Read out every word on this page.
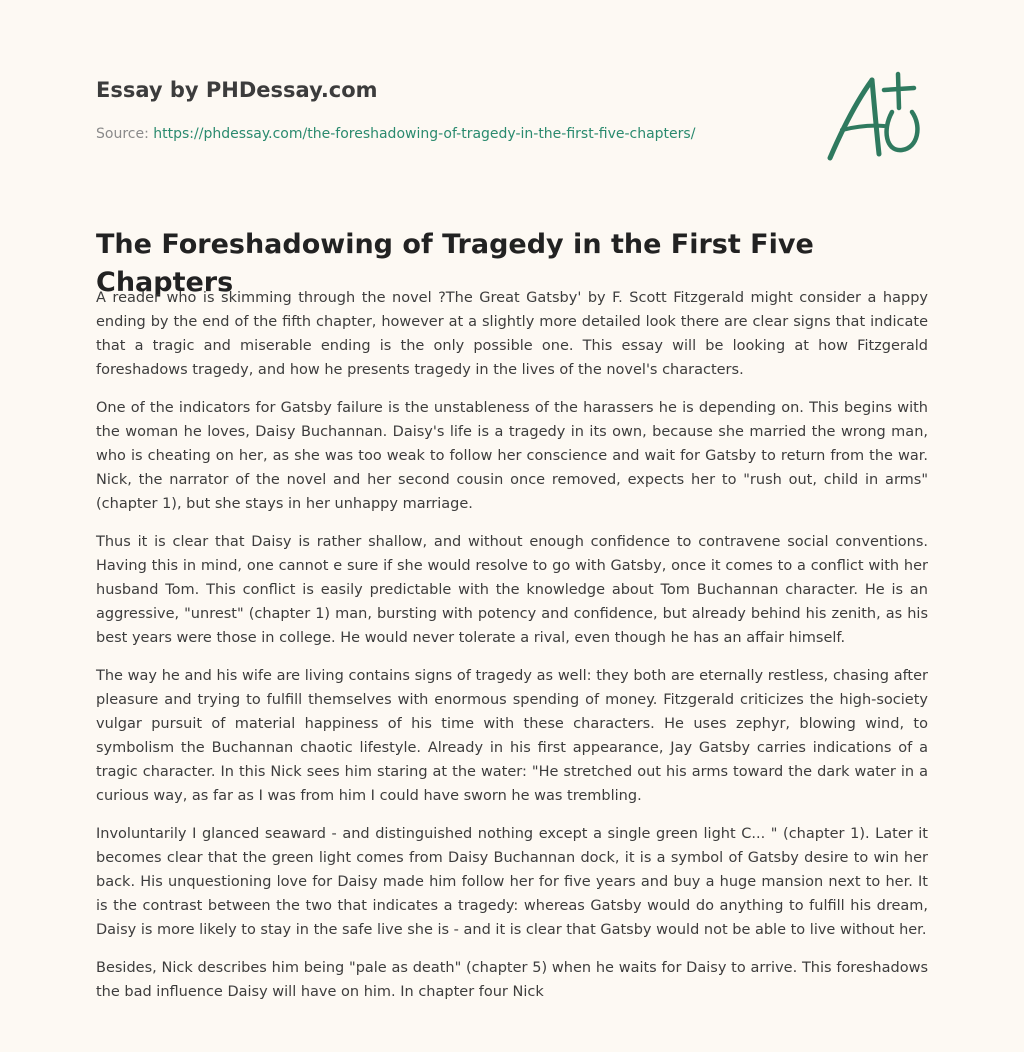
Essay by PHDessay.com
Source: https://phdessay.com/the-foreshadowing-of-tragedy-in-the-first-five-chapters/
The Foreshadowing of Tragedy in the First Five Chapters

A reader who is skimming through the novel ?The Great Gatsby' by F. Scott Fitzgerald might consider a happy ending by the end of the fifth chapter, however at a slightly more detailed look there are clear signs that indicate that a tragic and miserable ending is the only possible one. This essay will be looking at how Fitzgerald foreshadows tragedy, and how he presents tragedy in the lives of the novel's characters.

One of the indicators for Gatsby failure is the unstableness of the harassers he is depending on. This begins with the woman he loves, Daisy Buchannan. Daisy's life is a tragedy in its own, because she married the wrong man, who is cheating on her, as she was too weak to follow her conscience and wait for Gatsby to return from the war. Nick, the narrator of the novel and her second cousin once removed, expects her to "rush out, child in arms" (chapter 1), but she stays in her unhappy marriage.

Thus it is clear that Daisy is rather shallow, and without enough confidence to contravene social conventions. Having this in mind, one cannot e sure if she would resolve to go with Gatsby, once it comes to a conflict with her husband Tom. This conflict is easily predictable with the knowledge about Tom Buchannan character. He is an aggressive, "unrest" (chapter 1) man, bursting with potency and confidence, but already behind his zenith, as his best years were those in college. He would never tolerate a rival, even though he has an affair himself.

The way he and his wife are living contains signs of tragedy as well: they both are eternally restless, chasing after pleasure and trying to fulfill themselves with enormous spending of money. Fitzgerald criticizes the high-society vulgar pursuit of material happiness of his time with these characters. He uses zephyr, blowing wind, to symbolism the Buchannan chaotic lifestyle. Already in his first appearance, Jay Gatsby carries indications of a tragic character. In this Nick sees him staring at the water: "He stretched out his arms toward the dark water in a curious way, as far as I was from him I could have sworn he was trembling.

Involuntarily I glanced seaward - and distinguished nothing except a single green light C... " (chapter 1). Later it becomes clear that the green light comes from Daisy Buchannan dock, it is a symbol of Gatsby desire to win her back. His unquestioning love for Daisy made him follow her for five years and buy a huge mansion next to her. It is the contrast between the two that indicates a tragedy: whereas Gatsby would do anything to fulfill his dream, Daisy is more likely to stay in the safe live she is - and it is clear that Gatsby would not be able to live without her.

Besides, Nick describes him being "pale as death" (chapter 5) when he waits for Daisy to arrive. This foreshadows the bad influence Daisy will have on him. In chapter four Nick
